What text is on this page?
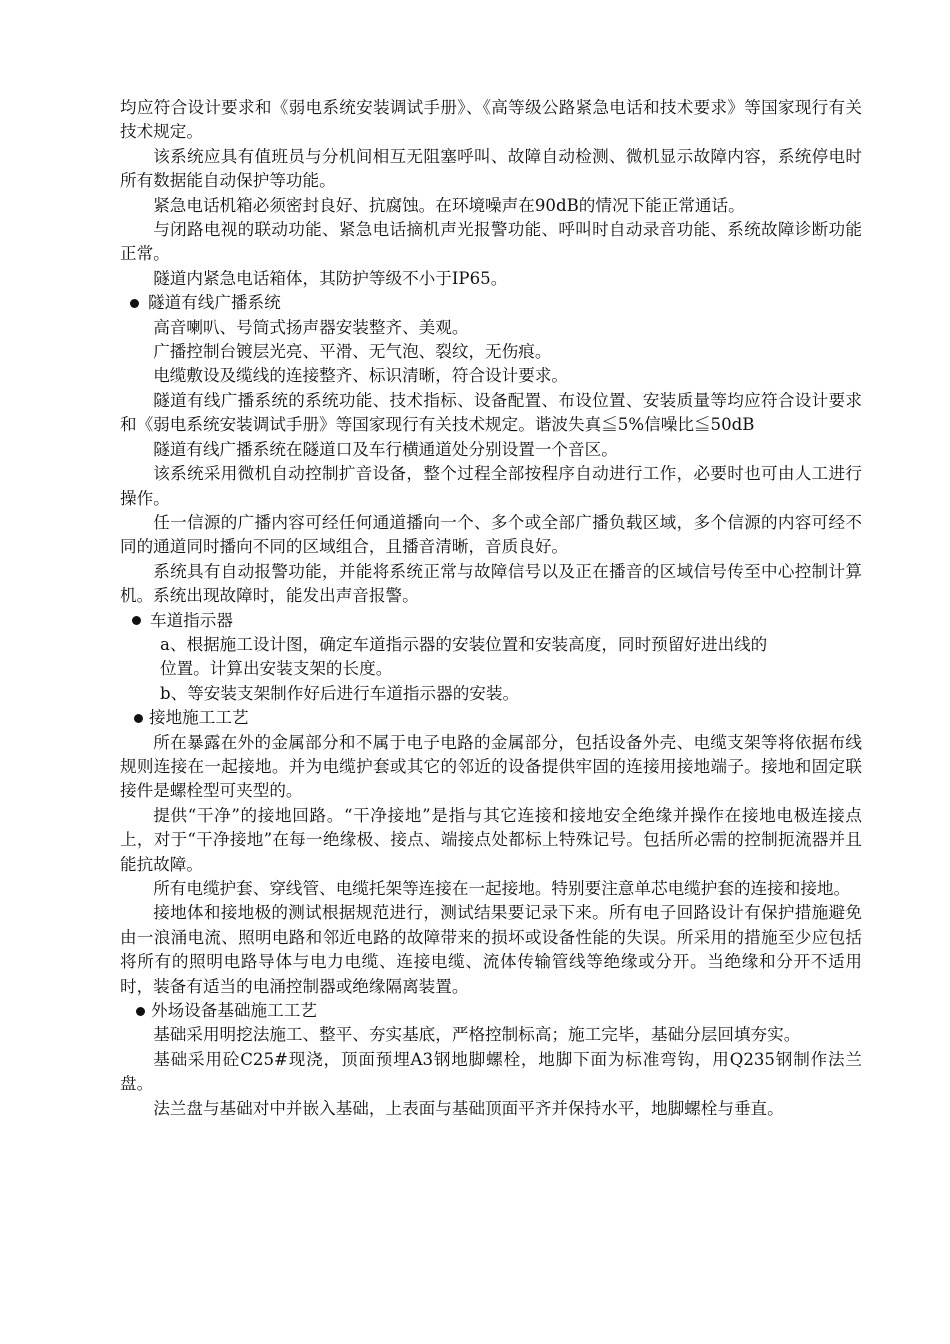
均应符合设计要求和《弱电系统安装调试手册》、《高等级公路紧急电话和技术要求》等国家现行有关技术规定。

该系统应具有值班员与分机间相互无阻塞呼叫、故障自动检测、微机显示故障内容，系统停电时所有数据能自动保护等功能。

紧急电话机箱必须密封良好、抗腐蚀。在环境噪声在90dB的情况下能正常通话。

与闭路电视的联动功能、紧急电话摘机声光报警功能、呼叫时自动录音功能、系统故障诊断功能正常。

隧道内紧急电话箱体，其防护等级不小于IP65。

隧道有线广播系统

高音喇叭、号筒式扬声器安装整齐、美观。

广播控制台镀层光亮、平滑、无气泡、裂纹，无伤痕。

电缆敷设及缆线的连接整齐、标识清晰，符合设计要求。

隧道有线广播系统的系统功能、技术指标、设备配置、布设位置、安装质量等均应符合设计要求和《弱电系统安装调试手册》等国家现行有关技术规定。谐波失真≦5%信噪比≦50dB

隧道有线广播系统在隧道口及车行横通道处分别设置一个音区。

该系统采用微机自动控制扩音设备，整个过程全部按程序自动进行工作，必要时也可由人工进行操作。

任一信源的广播内容可经任何通道播向一个、多个或全部广播负载区域，多个信源的内容可经不同的通道同时播向不同的区域组合，且播音清晰，音质良好。

系统具有自动报警功能，并能将系统正常与故障信号以及正在播音的区域信号传至中心控制计算机。系统出现故障时，能发出声音报警。

车道指示器

a、根据施工设计图，确定车道指示器的安装位置和安装高度，同时预留好进出线的
位置。计算出安装支架的长度。

b、等安装支架制作好后进行车道指示器的安装。

接地施工工艺

所在暴露在外的金属部分和不属于电子电路的金属部分，包括设备外壳、电缆支架等将依据布线规则连接在一起接地。并为电缆护套或其它的邻近的设备提供牢固的连接用接地端子。接地和固定联接件是螺栓型可夹型的。

提供“干净”的接地回路。“干净接地”是指与其它连接和接地安全绝缘并操作在接地电极连接点上，对于“干净接地”在每一绝缘极、接点、端接点处都标上特殊记号。包括所必需的控制扼流器并且能抗故障。

所有电缆护套、穿线管、电缆托架等连接在一起接地。特别要注意单芯电缆护套的连接和接地。

接地体和接地极的测试根据规范进行，测试结果要记录下来。所有电子回路设计有保护措施避免由一浪涌电流、照明电路和邻近电路的故障带来的损坏或设备性能的失误。所采用的措施至少应包括将所有的照明电路导体与电力电缆、连接电缆、流体传输管线等绝缘或分开。当绝缘和分开不适用时，装备有适当的电涌控制器或绝缘隔离装置。

外场设备基础施工工艺

基础采用明挖法施工、整平、夯实基底，严格控制标高；施工完毕，基础分层回填夯实。

基础采用砼C25#现浇，顶面预埋A3钢地脚螺栓，地脚下面为标准弯钩，用Q235钢制作法兰盘。

法兰盘与基础对中并嵌入基础，上表面与基础顶面平齐并保持水平，地脚螺栓与垂直。
